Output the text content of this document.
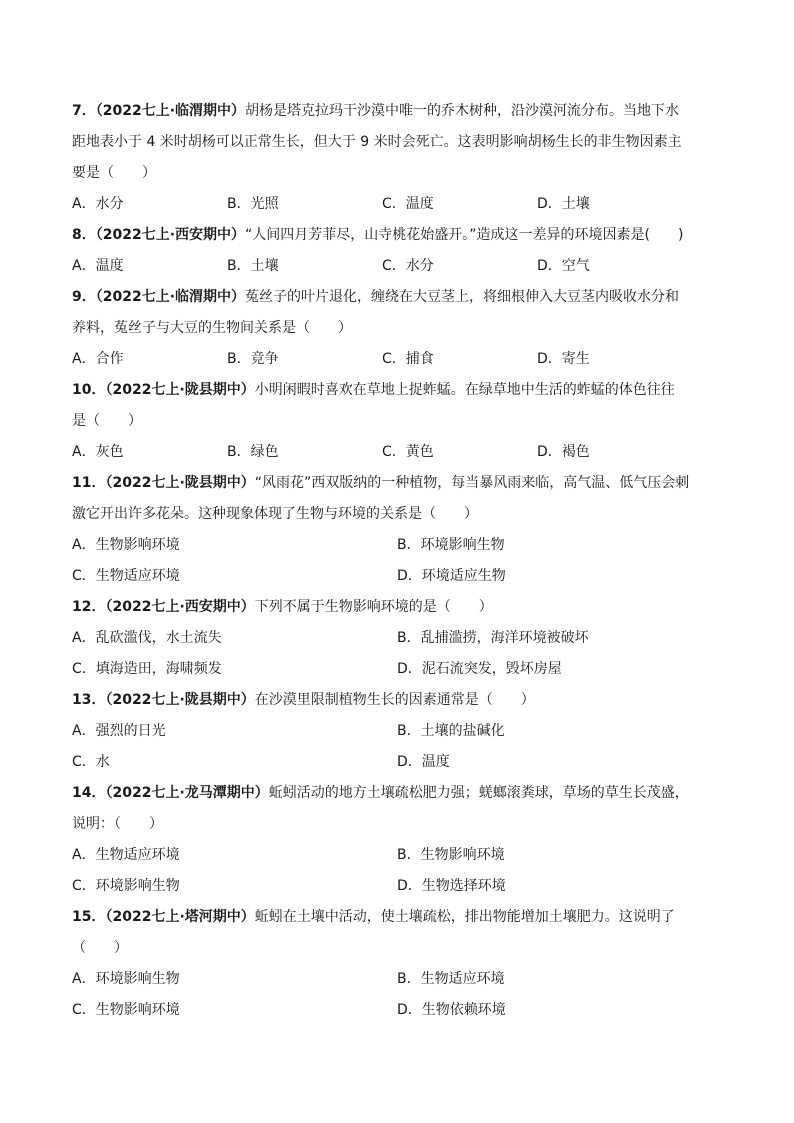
7．（2022七上·临渭期中）胡杨是塔克拉玛干沙漠中唯一的乔木树种，沿沙漠河流分布。当地下水
距地表小于 4 米时胡杨可以正常生长，但大于 9 米时会死亡。这表明影响胡杨生长的非生物因素主
要是（　　）
A．水分	B．光照	C．温度	D．土壤
8．（2022七上·西安期中）“人间四月芳菲尽，山寺桃花始盛开。”造成这一差异的环境因素是(　　)
A．温度	B．土壤	C．水分	D．空气
9．（2022七上·临渭期中）菟丝子的叶片退化，缠绕在大豆茎上，将细根伸入大豆茎内吸收水分和
养料，菟丝子与大豆的生物间关系是（　　）
A．合作	B．竞争	C．捕食	D．寄生
10．（2022七上·陇县期中）小明闲暇时喜欢在草地上捉蚱蜢。在绿草地中生活的蚱蜢的体色往往
是（　　）
A．灰色	B．绿色	C．黄色	D．褐色
11．（2022七上·陇县期中）“风雨花”西双版纳的一种植物，每当暴风雨来临，高气温、低气压会刺
激它开出许多花朵。这种现象体现了生物与环境的关系是（　　）
A．生物影响环境	B．环境影响生物
C．生物适应环境	D．环境适应生物
12．（2022七上·西安期中）下列不属于生物影响环境的是（　　）
A．乱砍滥伐，水土流失	B．乱捕滥捞，海洋环境被破坏
C．填海造田，海啸频发	D．泥石流突发，毁坏房屋
13．（2022七上·陇县期中）在沙漠里限制植物生长的因素通常是（　　）
A．强烈的日光	B．土壤的盐碱化
C．水	D．温度
14．（2022七上·龙马潭期中）蚯蚓活动的地方土壤疏松肥力强；蜣螂滚粪球，草场的草生长茂盛，
说明：（　　）
A．生物适应环境	B．生物影响环境
C．环境影响生物	D．生物选择环境
15．（2022七上·塔河期中）蚯蚓在土壤中活动，使土壤疏松，排出物能增加土壤肥力。这说明了
（　　）
A．环境影响生物	B．生物适应环境
C．生物影响环境	D．生物依赖环境
